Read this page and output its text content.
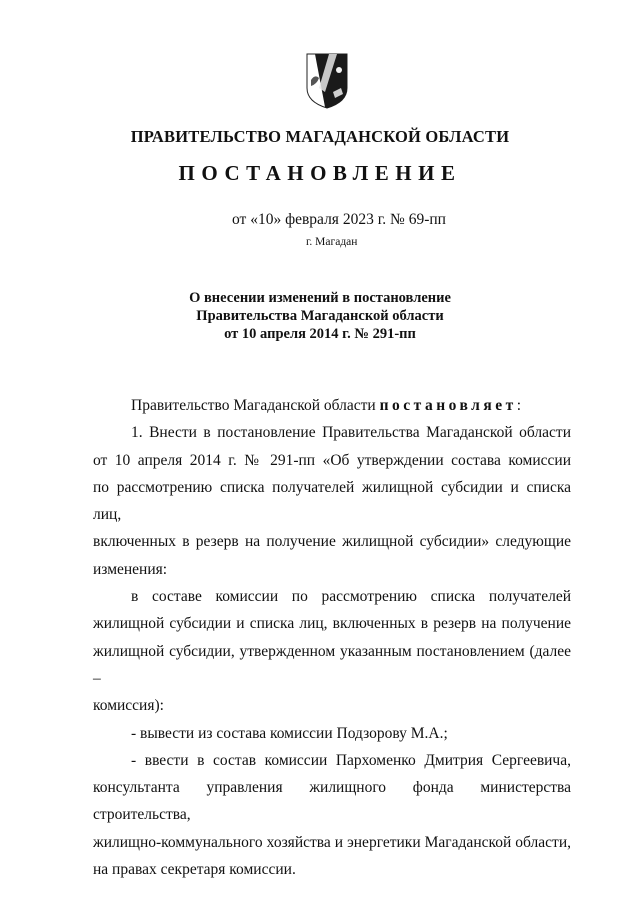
ПРАВИТЕЛЬСТВО МАГАДАНСКОЙ ОБЛАСТИ
ПОСТАНОВЛЕНИЕ
от «10» февраля 2023 г. № 69-пп
г. Магадан
О внесении изменений в постановление
Правительства Магаданской области
от 10 апреля 2014 г. № 291-пп

Правительство Магаданской области постановляет:

1. Внести в постановление Правительства Магаданской области
от 10 апреля 2014 г. № 291-пп «Об утверждении состава комиссии
по рассмотрению списка получателей жилищной субсидии и списка лиц,
включенных в резерв на получение жилищной субсидии» следующие
изменения:
в составе комиссии по рассмотрению списка получателей
жилищной субсидии и списка лиц, включенных в резерв на получение
жилищной субсидии, утвержденном указанным постановлением (далее –
комиссия):
- вывести из состава комиссии Подзорову М.А.;
- ввести в состав комиссии Пархоменко Дмитрия Сергеевича,
консультанта управления жилищного фонда министерства строительства,
жилищно-коммунального хозяйства и энергетики Магаданской области,
на правах секретаря комиссии.
